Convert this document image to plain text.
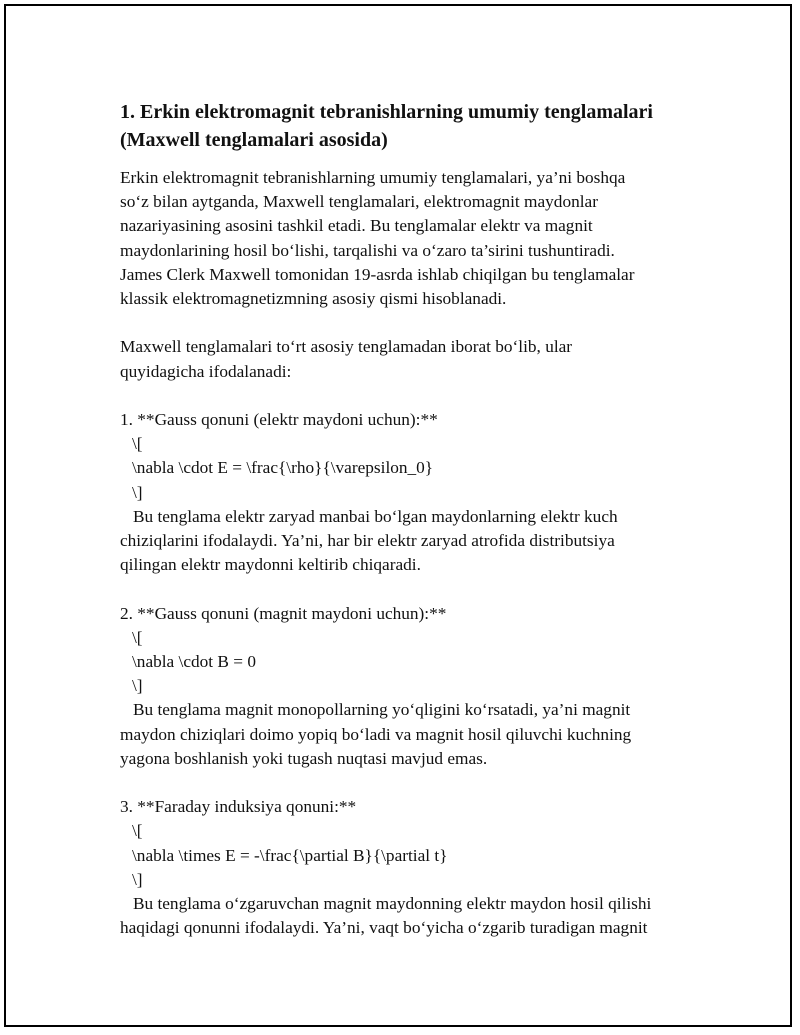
1. Erkin elektromagnit tebranishlarning umumiy tenglamalari
(Maxwell tenglamalari asosida)

Erkin elektromagnit tebranishlarning umumiy tenglamalari, ya’ni boshqa
so‘z bilan aytganda, Maxwell tenglamalari, elektromagnit maydonlar
nazariyasining asosini tashkil etadi. Bu tenglamalar elektr va magnit
maydonlarining hosil bo‘lishi, tarqalishi va o‘zaro ta’sirini tushuntiradi.
James Clerk Maxwell tomonidan 19-asrda ishlab chiqilgan bu tenglamalar
klassik elektromagnetizmning asosiy qismi hisoblanadi.

Maxwell tenglamalari to‘rt asosiy tenglamadan iborat bo‘lib, ular
quyidagicha ifodalanadi:

1. **Gauss qonuni (elektr maydoni uchun):**
\[
\nabla \cdot E = \frac{\rho}{\varepsilon_0}
\]
Bu tenglama elektr zaryad manbai bo‘lgan maydonlarning elektr kuch
chiziqlarini ifodalaydi. Ya’ni, har bir elektr zaryad atrofida distributsiya
qilingan elektr maydonni keltirib chiqaradi.
2. **Gauss qonuni (magnit maydoni uchun):**
\[
\nabla \cdot B = 0
\]
Bu tenglama magnit monopollarning yo‘qligini ko‘rsatadi, ya’ni magnit
maydon chiziqlari doimo yopiq bo‘ladi va magnit hosil qiluvchi kuchning
yagona boshlanish yoki tugash nuqtasi mavjud emas.
3. **Faraday induksiya qonuni:**
\[
\nabla \times E = -\frac{\partial B}{\partial t}
\]
Bu tenglama o‘zgaruvchan magnit maydonning elektr maydon hosil qilishi
haqidagi qonunni ifodalaydi. Ya’ni, vaqt bo‘yicha o‘zgarib turadigan magnit
